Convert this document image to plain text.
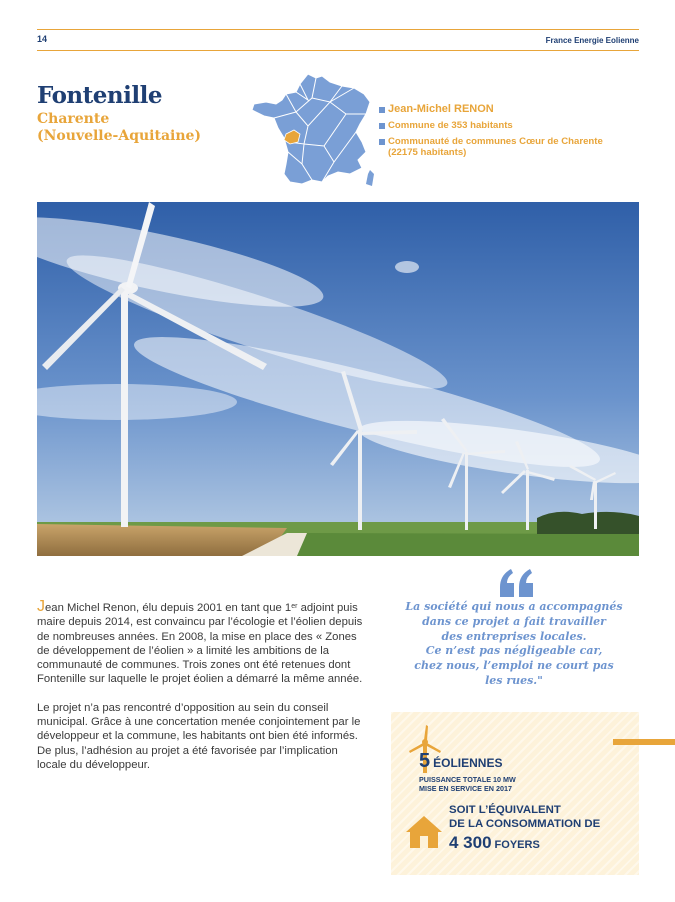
14	France Energie Eolienne
Fontenille
Charente
(Nouvelle-Aquitaine)
Jean-Michel RENON
Commune de 353 habitants
Communauté de communes Cœur de Charente
(22175 habitants)

Jean Michel Renon, élu depuis 2001 en tant que 1er adjoint puis maire depuis 2014, est convaincu par l’écologie et l’éolien depuis de nombreuses années. En 2008, la mise en place des « Zones de développement de l’éolien » a limité les ambitions de la communauté de communes. Trois zones ont été retenues dont Fontenille sur laquelle le projet éolien a démarré la même année.

Le projet n’a pas rencontré d’opposition au sein du conseil municipal. Grâce à une concertation menée conjointement par le développeur et la commune, les habitants ont bien été informés. De plus, l’adhésion au projet a été favorisée par l’implication locale du développeur.

La société qui nous a accompagnés
dans ce projet a fait travailler
des entreprises locales.
Ce n’est pas négligeable car,
chez nous, l’emploi ne court pas
les rues."
5 ÉOLIENNES
PUISSANCE TOTALE 10 MW
MISE EN SERVICE EN 2017
SOIT L’ÉQUIVALENT
DE LA CONSOMMATION DE
4 300 FOYERS
